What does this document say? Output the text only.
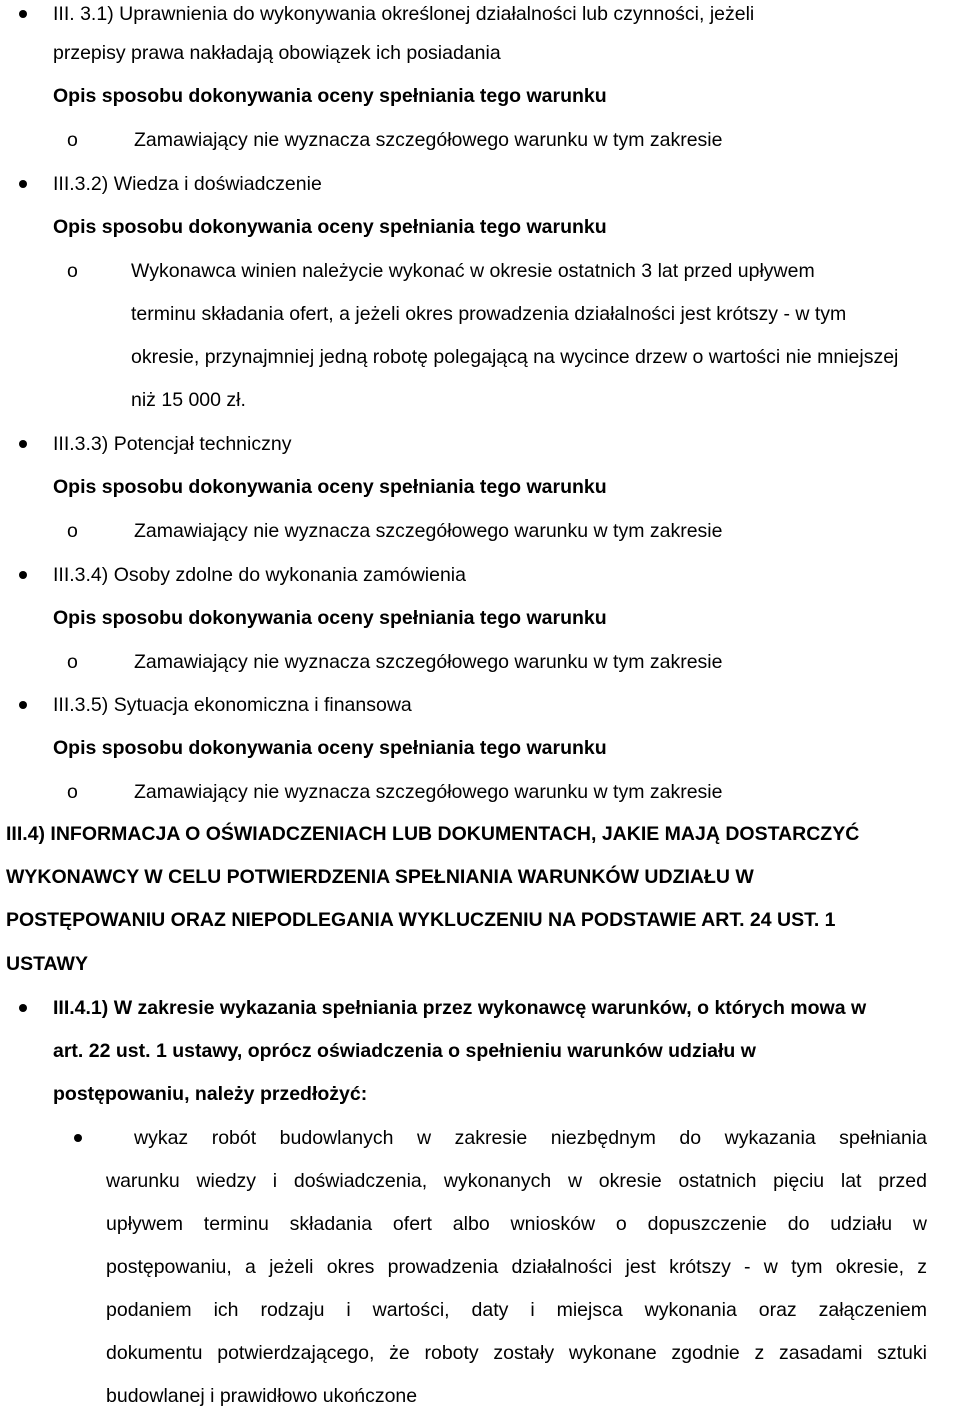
III. 3.1) Uprawnienia do wykonywania określonej działalności lub czynności, jeżeli
przepisy prawa nakładają obowiązek ich posiadania
Opis sposobu dokonywania oceny spełniania tego warunku
o	Zamawiający nie wyznacza szczegółowego warunku w tym zakresie
III.3.2) Wiedza i doświadczenie
Opis sposobu dokonywania oceny spełniania tego warunku
o	Wykonawca winien należycie wykonać w okresie ostatnich 3 lat przed upływem
terminu składania ofert, a jeżeli okres prowadzenia działalności jest krótszy - w tym
okresie, przynajmniej jedną robotę polegającą na wycince drzew o wartości nie mniejszej
niż 15 000 zł.
III.3.3) Potencjał techniczny
Opis sposobu dokonywania oceny spełniania tego warunku
o	Zamawiający nie wyznacza szczegółowego warunku w tym zakresie
III.3.4) Osoby zdolne do wykonania zamówienia
Opis sposobu dokonywania oceny spełniania tego warunku
o	Zamawiający nie wyznacza szczegółowego warunku w tym zakresie
III.3.5) Sytuacja ekonomiczna i finansowa
Opis sposobu dokonywania oceny spełniania tego warunku
o	Zamawiający nie wyznacza szczegółowego warunku w tym zakresie
III.4) INFORMACJA O OŚWIADCZENIACH LUB DOKUMENTACH, JAKIE MAJĄ DOSTARCZYĆ
WYKONAWCY W CELU POTWIERDZENIA SPEŁNIANIA WARUNKÓW UDZIAŁU W
POSTĘPOWANIU ORAZ NIEPODLEGANIA WYKLUCZENIU NA PODSTAWIE ART. 24 UST. 1
USTAWY
III.4.1) W zakresie wykazania spełniania przez wykonawcę warunków, o których mowa w
art. 22 ust. 1 ustawy, oprócz oświadczenia o spełnieniu warunków udziału w
postępowaniu, należy przedłożyć:
wykaz robót budowlanych w zakresie niezbędnym do wykazania spełniania
warunku wiedzy i doświadczenia, wykonanych w okresie ostatnich pięciu lat przed
upływem terminu składania ofert albo wniosków o dopuszczenie do udziału w
postępowaniu, a jeżeli okres prowadzenia działalności jest krótszy - w tym okresie, z
podaniem ich rodzaju i wartości, daty i miejsca wykonania oraz załączeniem
dokumentu potwierdzającego, że roboty zostały wykonane zgodnie z zasadami sztuki
budowlanej i prawidłowo ukończone
